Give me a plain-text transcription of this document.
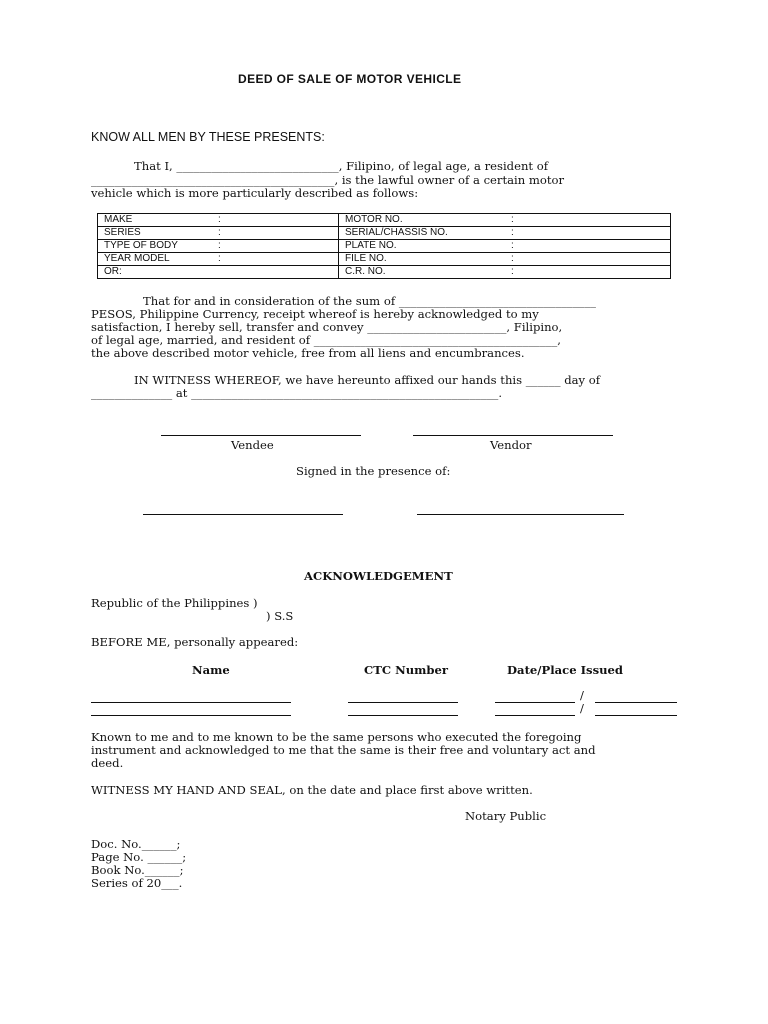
DEED OF SALE OF MOTOR VEHICLE
KNOW ALL MEN BY THESE PRESENTS:
That I, ____________________________, Filipino, of legal age, a resident of
__________________________________________, is the lawful owner of a certain motor
vehicle which is more particularly described as follows:
MAKE	:	MOTOR NO.	:
SERIES	:	SERIAL/CHASSIS NO.	:
TYPE OF BODY	:	PLATE NO.	:
YEAR MODEL	:	FILE NO.	:
OR:		C.R. NO.	:
That for and in consideration of the sum of __________________________________
PESOS, Philippine Currency, receipt whereof is hereby acknowledged to my
satisfaction, I hereby sell, transfer and convey ________________________, Filipino,
of legal age, married, and resident of __________________________________________,
the above described motor vehicle, free from all liens and encumbrances.
IN WITNESS WHEREOF, we have hereunto affixed our hands this ______ day of
______________ at _____________________________________________________.
Vendee	Vendor
Signed in the presence of:
ACKNOWLEDGEMENT
Republic of the Philippines )
) S.S
BEFORE ME, personally appeared:
Name	CTC Number	Date/Place Issued
/
/
Known to me and to me known to be the same persons who executed the foregoing
instrument and acknowledged to me that the same is their free and voluntary act and
deed.
WITNESS MY HAND AND SEAL, on the date and place first above written.
Notary Public
Doc. No.______;
Page No. ______;
Book No.______;
Series of 20___.
